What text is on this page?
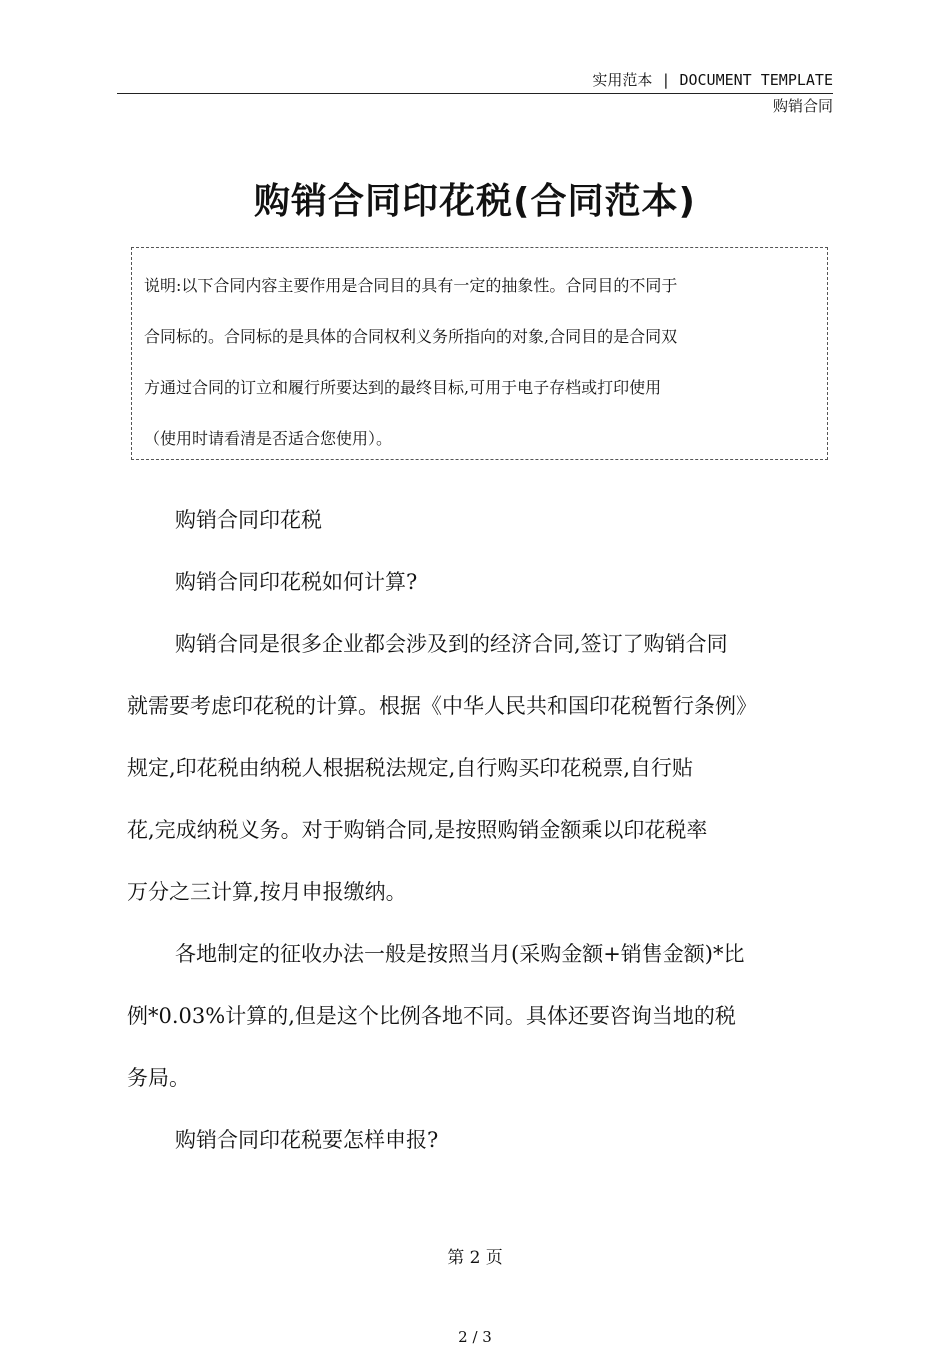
实用范本 | DOCUMENT TEMPLATE
购销合同
购销合同印花税(合同范本)
说明:以下合同内容主要作用是合同目的具有一定的抽象性。合同目的不同于
合同标的。合同标的是具体的合同权利义务所指向的对象,合同目的是合同双
方通过合同的订立和履行所要达到的最终目标,可用于电子存档或打印使用
（使用时请看清是否适合您使用）。
购销合同印花税
购销合同印花税如何计算?
购销合同是很多企业都会涉及到的经济合同,签订了购销合同
就需要考虑印花税的计算。根据《中华人民共和国印花税暂行条例》
规定,印花税由纳税人根据税法规定,自行购买印花税票,自行贴
花,完成纳税义务。对于购销合同,是按照购销金额乘以印花税率
万分之三计算,按月申报缴纳。
各地制定的征收办法一般是按照当月(采购金额+销售金额)*比
例*0.03%计算的,但是这个比例各地不同。具体还要咨询当地的税
务局。
购销合同印花税要怎样申报?
第 2 页
2 / 3
